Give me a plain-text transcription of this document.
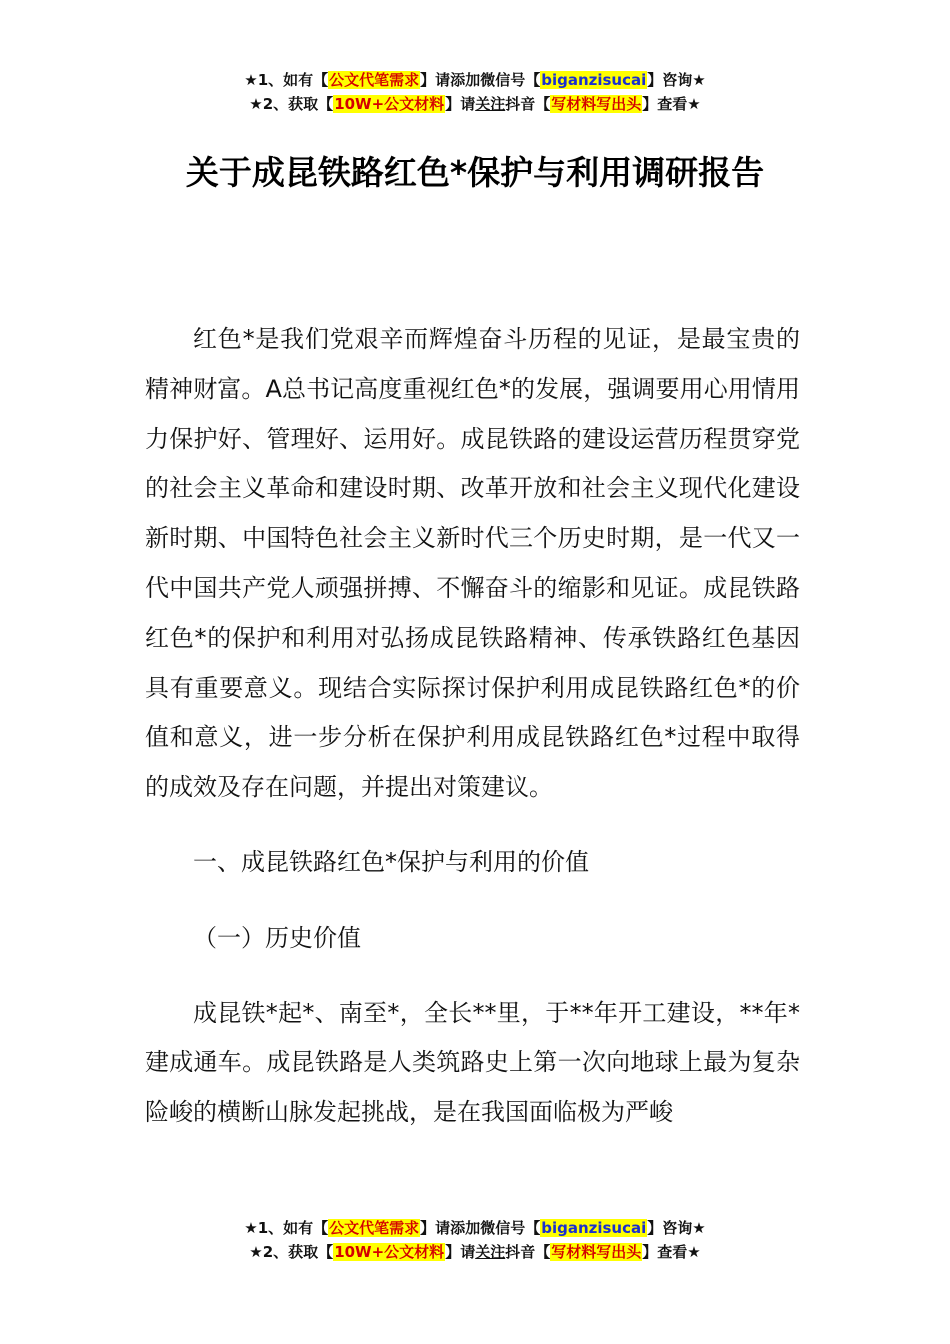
★1、如有【公文代笔需求】请添加微信号【biganzisucai】咨询★
★2、获取【10W+公文材料】请关注抖音【写材料写出头】查看★
关于成昆铁路红色*保护与利用调研报告

红色*是我们党艰辛而辉煌奋斗历程的见证，是最宝贵的精神财富。A总书记高度重视红色*的发展，强调要用心用情用力保护好、管理好、运用好。成昆铁路的建设运营历程贯穿党的社会主义革命和建设时期、改革开放和社会主义现代化建设新时期、中国特色社会主义新时代三个历史时期，是一代又一代中国共产党人顽强拼搏、不懈奋斗的缩影和见证。成昆铁路红色*的保护和利用对弘扬成昆铁路精神、传承铁路红色基因具有重要意义。现结合实际探讨保护利用成昆铁路红色*的价值和意义，进一步分析在保护利用成昆铁路红色*过程中取得的成效及存在问题，并提出对策建议。

一、成昆铁路红色*保护与利用的价值

（一）历史价值

成昆铁*起*、南至*，全长**里，于**年开工建设，**年*建成通车。成昆铁路是人类筑路史上第一次向地球上最为复杂险峻的横断山脉发起挑战，是在我国面临极为严峻

★1、如有【公文代笔需求】请添加微信号【biganzisucai】咨询★
★2、获取【10W+公文材料】请关注抖音【写材料写出头】查看★
